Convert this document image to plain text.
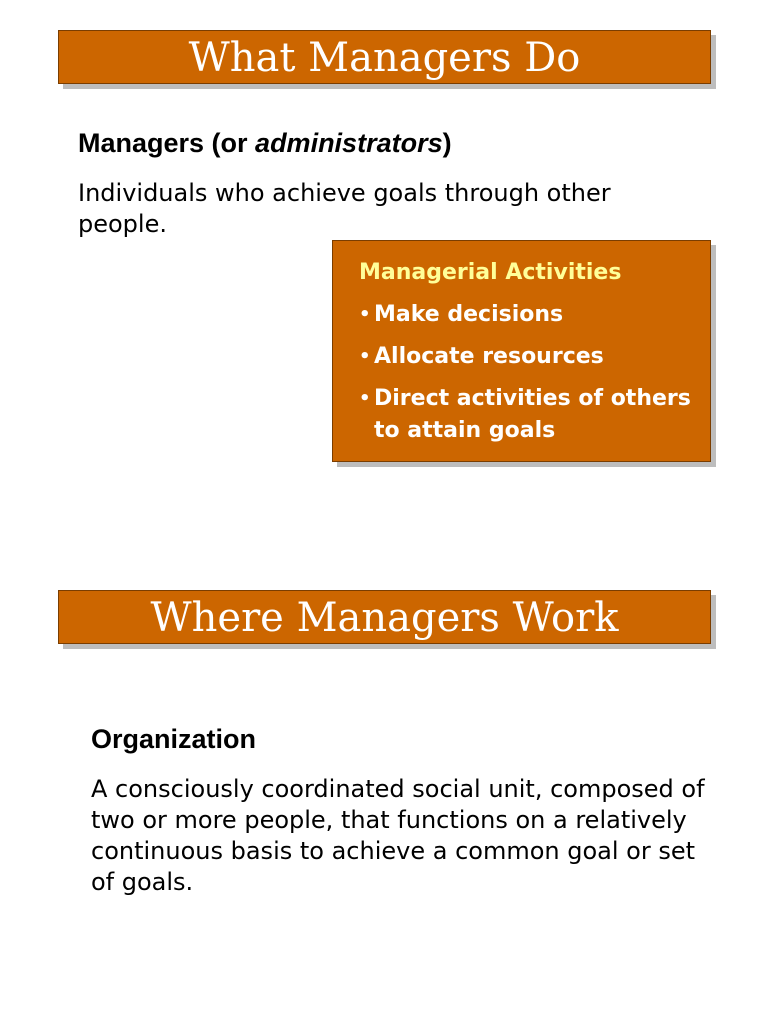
What Managers Do
Managers (or administrators)
Individuals who achieve goals through other people.
Managerial Activities
• Make decisions
• Allocate resources
• Direct activities of others to attain goals
Where Managers Work
Organization
A consciously coordinated social unit, composed of two or more people, that functions on a relatively continuous basis to achieve a common goal or set of goals.
